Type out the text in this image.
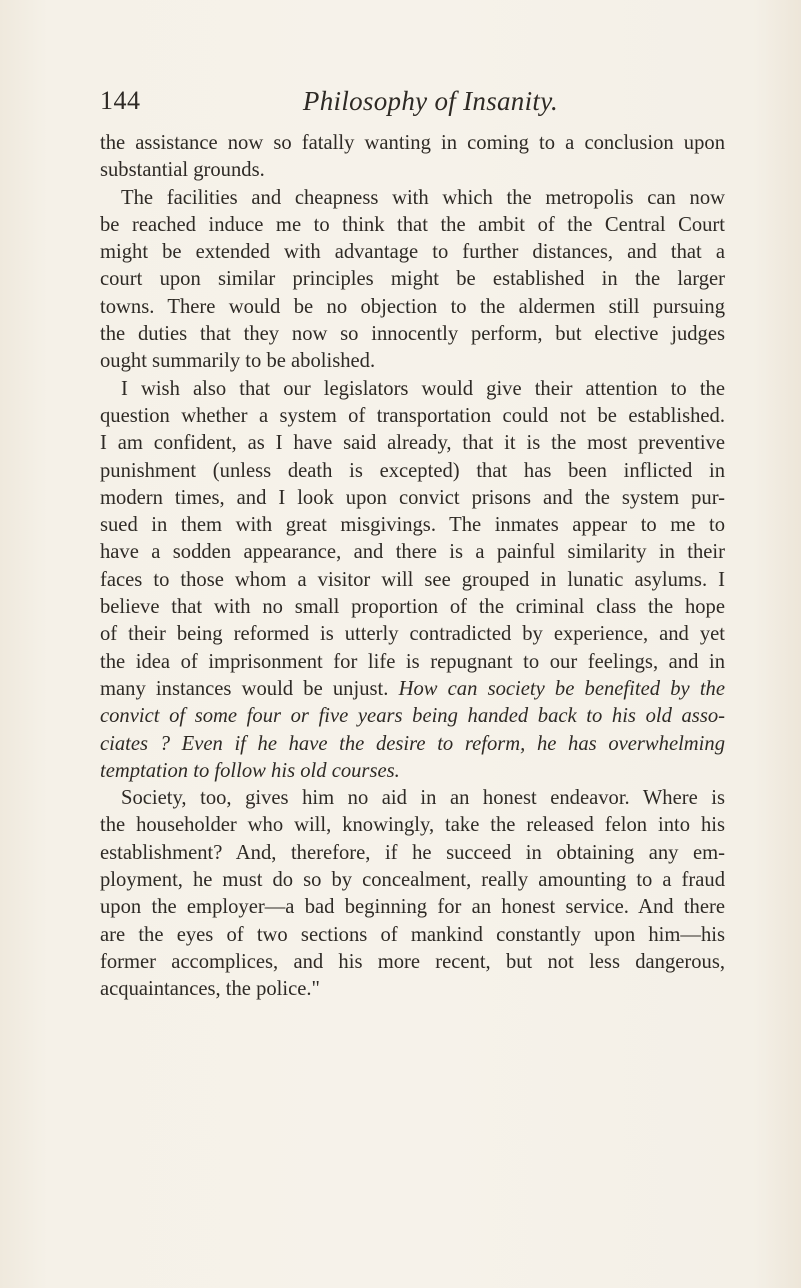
144	Philosophy of Insanity.
the assistance now so fatally wanting in coming to a conclusion upon
substantial grounds.
The facilities and cheapness with which the metropolis can now
be reached induce me to think that the ambit of the Central Court
might be extended with advantage to further distances, and that a
court upon similar principles might be established in the larger
towns. There would be no objection to the aldermen still pursuing
the duties that they now so innocently perform, but elective judges
ought summarily to be abolished.
I wish also that our legislators would give their attention to the
question whether a system of transportation could not be established.
I am confident, as I have said already, that it is the most preventive
punishment (unless death is excepted) that has been inflicted in
modern times, and I look upon convict prisons and the system pur-
sued in them with great misgivings. The inmates appear to me to
have a sodden appearance, and there is a painful similarity in their
faces to those whom a visitor will see grouped in lunatic asylums. I
believe that with no small proportion of the criminal class the hope
of their being reformed is utterly contradicted by experience, and yet
the idea of imprisonment for life is repugnant to our feelings, and in
many instances would be unjust. How can society be benefited by the
convict of some four or five years being handed back to his old asso-
ciates ? Even if he have the desire to reform, he has overwhelming
temptation to follow his old courses.
Society, too, gives him no aid in an honest endeavor. Where is
the householder who will, knowingly, take the released felon into his
establishment? And, therefore, if he succeed in obtaining any em-
ployment, he must do so by concealment, really amounting to a fraud
upon the employer—a bad beginning for an honest service. And there
are the eyes of two sections of mankind constantly upon him—his
former accomplices, and his more recent, but not less dangerous,
acquaintances, the police."
